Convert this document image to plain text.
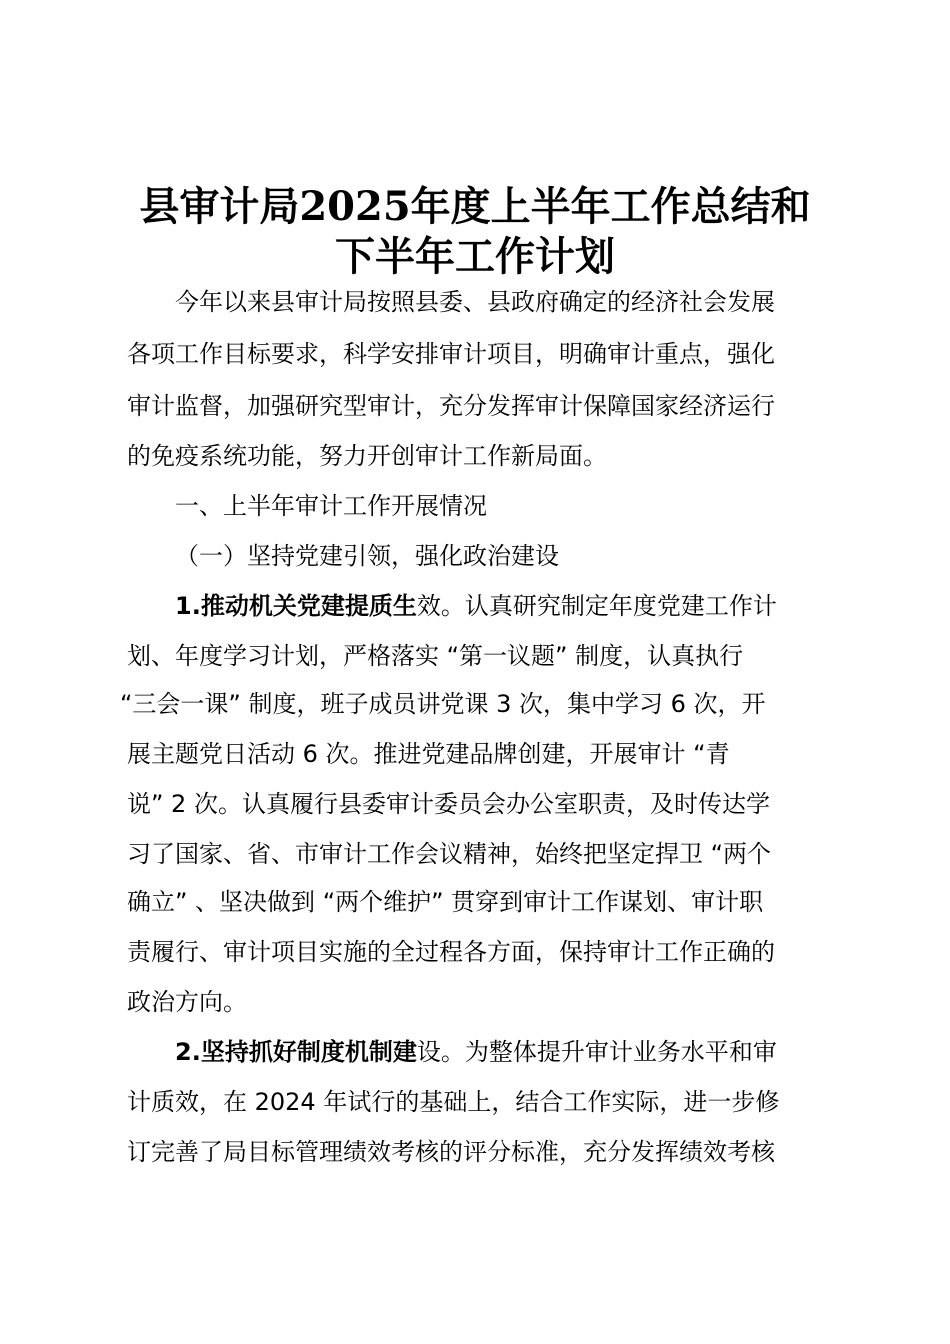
县审计局2025年度上半年工作总结和
下半年工作计划
今年以来县审计局按照县委、县政府确定的经济社会发展
各项工作目标要求，科学安排审计项目，明确审计重点，强化
审计监督，加强研究型审计，充分发挥审计保障国家经济运行
的免疫系统功能，努力开创审计工作新局面。
一、上半年审计工作开展情况
（一）坚持党建引领，强化政治建设
1.推动机关党建提质生效。认真研究制定年度党建工作计
划、年度学习计划，严格落实 “第一议题” 制度，认真执行
“三会一课” 制度，班子成员讲党课 3 次，集中学习 6 次，开
展主题党日活动 6 次。推进党建品牌创建，开展审计 “青
说” 2 次。认真履行县委审计委员会办公室职责，及时传达学
习了国家、省、市审计工作会议精神，始终把坚定捍卫 “两个
确立” 、坚决做到 “两个维护” 贯穿到审计工作谋划、审计职
责履行、审计项目实施的全过程各方面，保持审计工作正确的
政治方向。
2.坚持抓好制度机制建设。为整体提升审计业务水平和审
计质效，在 2024 年试行的基础上，结合工作实际，进一步修
订完善了局目标管理绩效考核的评分标准，充分发挥绩效考核
